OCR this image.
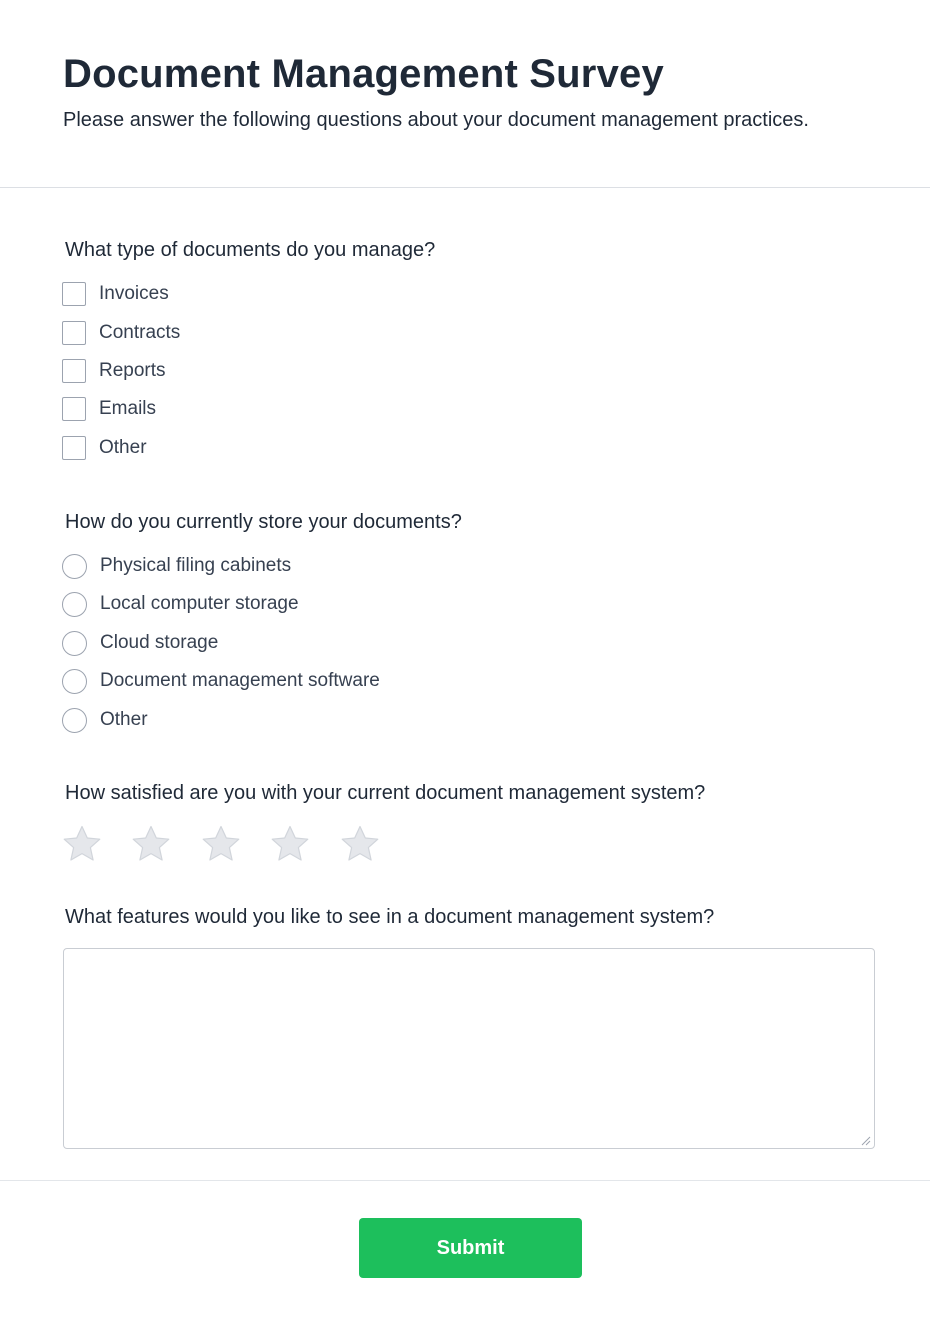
Document Management Survey

Please answer the following questions about your document management practices.

What type of documents do you manage?

Invoices
Contracts
Reports
Emails
Other

How do you currently store your documents?

Physical filing cabinets
Local computer storage
Cloud storage
Document management software
Other

How satisfied are you with your current document management system?

What features would you like to see in a document management system?

Submit
